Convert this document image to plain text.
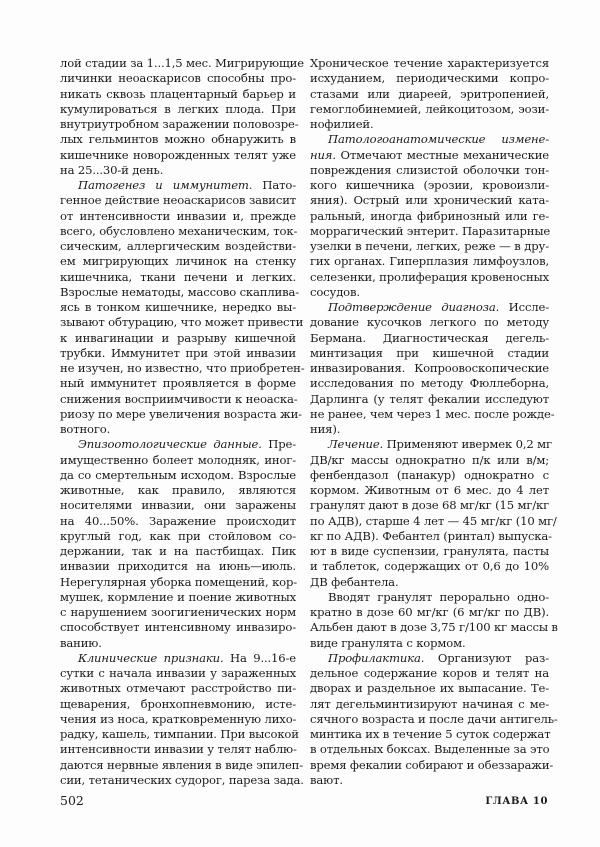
лой стадии за 1...1,5 мес. Мигрирующие
личинки неоаскарисов способны про-
никать сквозь плацентарный барьер и
кумулироваться в легких плода. При
внутриутробном заражении половозре-
лых гельминтов можно обнаружить в
кишечнике новорожденных телят уже
на 25...30-й день.
Патогенез и иммунитет. Пато-
генное действие неоаскарисов зависит
от интенсивности инвазии и, прежде
всего, обусловлено механическим, ток-
сическим, аллергическим воздействи-
ем мигрирующих личинок на стенку
кишечника, ткани печени и легких.
Взрослые нематоды, массово скаплива-
ясь в тонком кишечнике, нередко вы-
зывают обтурацию, что может привести
к инвагинации и разрыву кишечной
трубки. Иммунитет при этой инвазии
не изучен, но известно, что приобретен-
ный иммунитет проявляется в форме
снижения восприимчивости к неоаска-
риозу по мере увеличения возраста жи-
вотного.
Эпизоотологические данные. Пре-
имущественно болеет молодняк, иног-
да со смертельным исходом. Взрослые
животные, как правило, являются
носителями инвазии, они заражены
на 40...50%. Заражение происходит
круглый год, как при стойловом со-
держании, так и на пастбищах. Пик
инвазии приходится на июнь—июль.
Нерегулярная уборка помещений, кор-
мушек, кормление и поение животных
с нарушением зоогигиенических норм
способствует интенсивному инвазиро-
ванию.
Клинические признаки. На 9...16-е
сутки с начала инвазии у зараженных
животных отмечают расстройство пи-
щеварения, бронхопневмонию, исте-
чения из носа, кратковременную лихо-
радку, кашель, тимпании. При высокой
интенсивности инвазии у телят наблю-
даются нервные явления в виде эпилеп-
сии, тетанических судорог, пареза зада.
Хроническое течение характеризуется
исхуданием, периодическими копро-
стазами или диареей, эритропенией,
гемоглобинемией, лейкоцитозом, эози-
нофилией.
Патологоанатомические измене-
ния. Отмечают местные механические
повреждения слизистой оболочки тон-
кого кишечника (эрозии, кровоизли-
яния). Острый или хронический ката-
ральный, иногда фибринозный или ге-
моррагический энтерит. Паразитарные
узелки в печени, легких, реже — в дру-
гих органах. Гиперплазия лимфоузлов,
селезенки, пролиферация кровеносных
сосудов.
Подтверждение диагноза. Иссле-
дование кусочков легкого по методу
Бермана. Диагностическая дегель-
минтизация при кишечной стадии
инвазирования. Копроовоскопические
исследования по методу Фюллеборна,
Дарлинга (у телят фекалии исследуют
не ранее, чем через 1 мес. после рожде-
ния).
Лечение. Применяют ивермек 0,2 мг
ДВ/кг массы однократно п/к или в/м;
фенбендазол (панакур) однократно с
кормом. Животным от 6 мес. до 4 лет
гранулят дают в дозе 68 мг/кг (15 мг/кг
по АДВ), старше 4 лет — 45 мг/кг (10 мг/
кг по АДВ). Фебантел (ринтал) выпуска-
ют в виде суспензии, гранулята, пасты
и таблеток, содержащих от 0,6 до 10%
ДВ фебантела.
Вводят гранулят перорально одно-
кратно в дозе 60 мг/кг (6 мг/кг по ДВ).
Альбен дают в дозе 3,75 г/100 кг массы в
виде гранулята с кормом.
Профилактика. Организуют раз-
дельное содержание коров и телят на
дворах и раздельное их выпасание. Те-
лят дегельминтизируют начиная с ме-
сячного возраста и после дачи антигель-
минтика их в течение 5 суток содержат
в отдельных боксах. Выделенные за это
время фекалии собирают и обеззаражи-
вают.
502	ГЛАВА 10
